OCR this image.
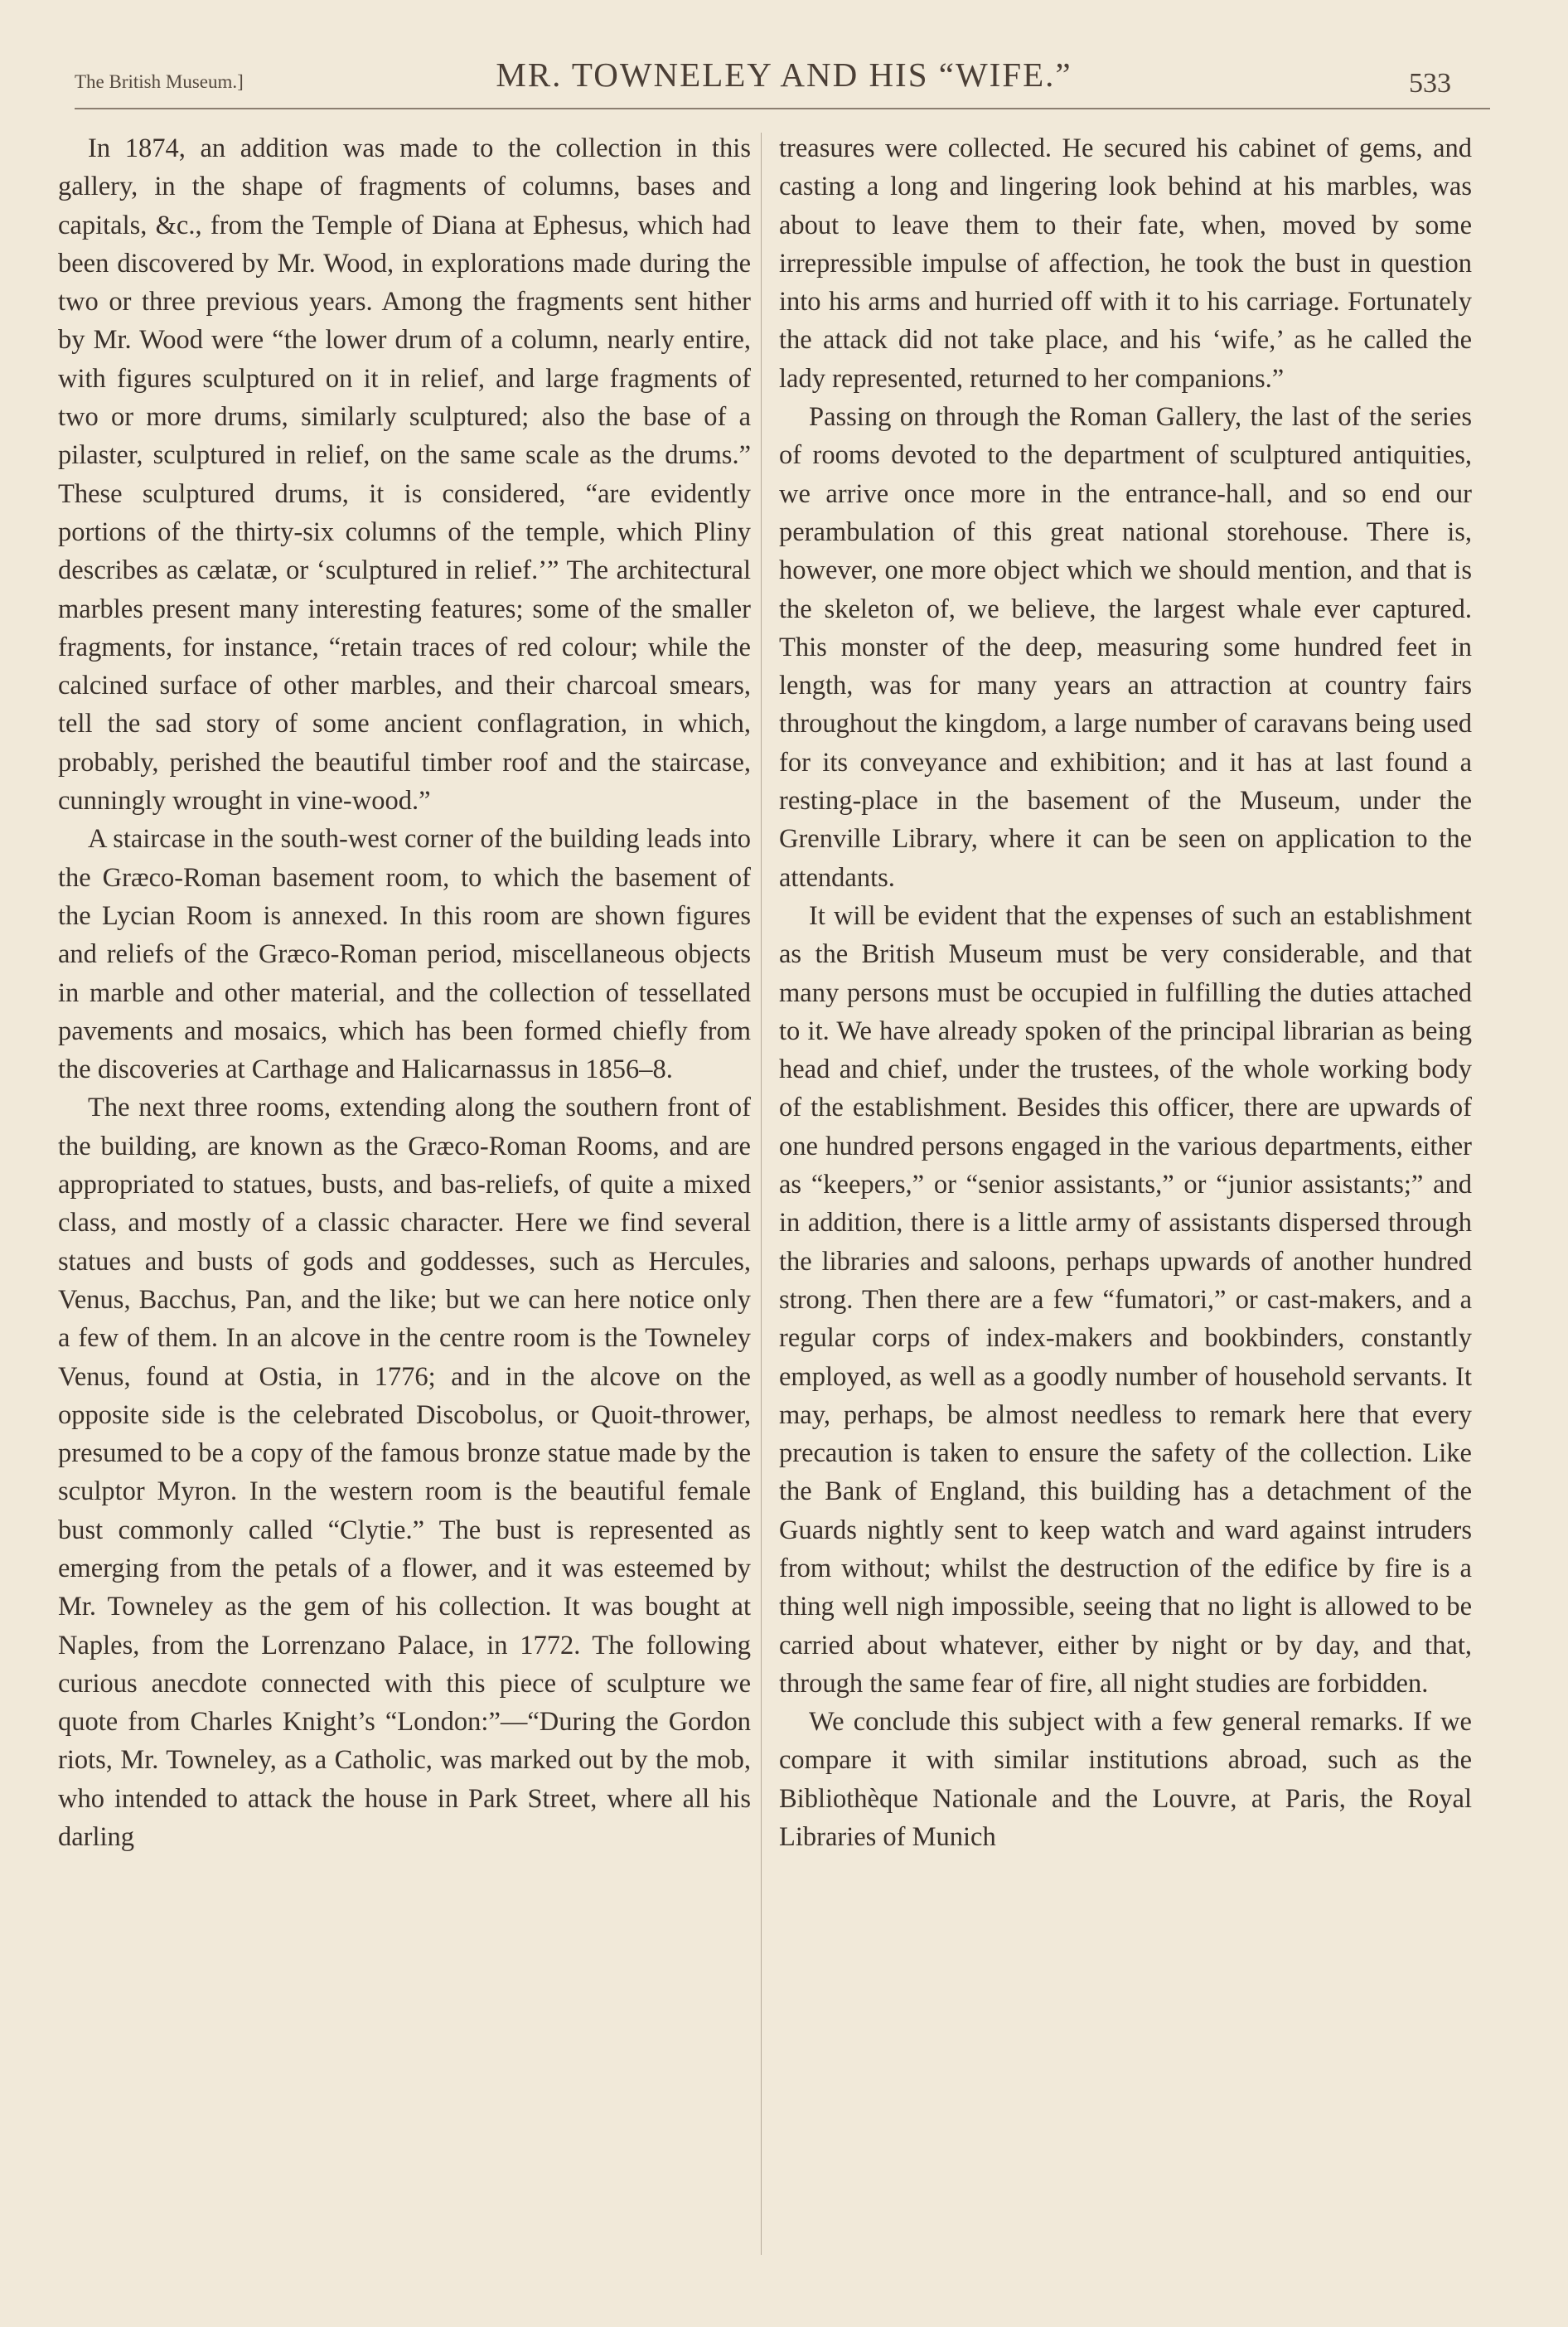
The British Museum.]	MR. TOWNELEY AND HIS “WIFE.”	533

In 1874, an addition was made to the collection in this gallery, in the shape of fragments of columns, bases and capitals, &c., from the Temple of Diana at Ephesus, which had been discovered by Mr. Wood, in explorations made during the two or three previous years. Among the fragments sent hither by Mr. Wood were “the lower drum of a column, nearly entire, with figures sculptured on it in relief, and large fragments of two or more drums, similarly sculptured; also the base of a pilaster, sculptured in relief, on the same scale as the drums.” These sculptured drums, it is considered, “are evidently portions of the thirty-six columns of the temple, which Pliny describes as cælatæ, or ‘sculptured in relief.’” The architectural marbles present many interesting features; some of the smaller fragments, for instance, “retain traces of red colour; while the calcined surface of other marbles, and their charcoal smears, tell the sad story of some ancient conflagration, in which, probably, perished the beautiful timber roof and the staircase, cunningly wrought in vine-wood.”

A staircase in the south-west corner of the building leads into the Græco-Roman basement room, to which the basement of the Lycian Room is annexed. In this room are shown figures and reliefs of the Græco-Roman period, miscellaneous objects in marble and other material, and the collection of tessellated pavements and mosaics, which has been formed chiefly from the discoveries at Carthage and Halicarnassus in 1856–8.

The next three rooms, extending along the southern front of the building, are known as the Græco-Roman Rooms, and are appropriated to statues, busts, and bas-reliefs, of quite a mixed class, and mostly of a classic character. Here we find several statues and busts of gods and goddesses, such as Hercules, Venus, Bacchus, Pan, and the like; but we can here notice only a few of them. In an alcove in the centre room is the Towneley Venus, found at Ostia, in 1776; and in the alcove on the opposite side is the celebrated Discobolus, or Quoit-thrower, presumed to be a copy of the famous bronze statue made by the sculptor Myron. In the western room is the beautiful female bust commonly called “Clytie.” The bust is represented as emerging from the petals of a flower, and it was esteemed by Mr. Towneley as the gem of his collection. It was bought at Naples, from the Lorrenzano Palace, in 1772. The following curious anecdote connected with this piece of sculpture we quote from Charles Knight’s “London:”—“During the Gordon riots, Mr. Towneley, as a Catholic, was marked out by the mob, who intended to attack the house in Park Street, where all his darling

treasures were collected. He secured his cabinet of gems, and casting a long and lingering look behind at his marbles, was about to leave them to their fate, when, moved by some irrepressible impulse of affection, he took the bust in question into his arms and hurried off with it to his carriage. Fortunately the attack did not take place, and his ‘wife,’ as he called the lady represented, returned to her companions.”

Passing on through the Roman Gallery, the last of the series of rooms devoted to the department of sculptured antiquities, we arrive once more in the entrance-hall, and so end our perambulation of this great national storehouse. There is, however, one more object which we should mention, and that is the skeleton of, we believe, the largest whale ever captured. This monster of the deep, measuring some hundred feet in length, was for many years an attraction at country fairs throughout the kingdom, a large number of caravans being used for its conveyance and exhibition; and it has at last found a resting-place in the basement of the Museum, under the Grenville Library, where it can be seen on application to the attendants.

It will be evident that the expenses of such an establishment as the British Museum must be very considerable, and that many persons must be occupied in fulfilling the duties attached to it. We have already spoken of the principal librarian as being head and chief, under the trustees, of the whole working body of the establishment. Besides this officer, there are upwards of one hundred persons engaged in the various departments, either as “keepers,” or “senior assistants,” or “junior assistants;” and in addition, there is a little army of assistants dispersed through the libraries and saloons, perhaps upwards of another hundred strong. Then there are a few “fumatori,” or cast-makers, and a regular corps of index-makers and bookbinders, constantly employed, as well as a goodly number of household servants. It may, perhaps, be almost needless to remark here that every precaution is taken to ensure the safety of the collection. Like the Bank of England, this building has a detachment of the Guards nightly sent to keep watch and ward against intruders from without; whilst the destruction of the edifice by fire is a thing well nigh impossible, seeing that no light is allowed to be carried about whatever, either by night or by day, and that, through the same fear of fire, all night studies are forbidden.

We conclude this subject with a few general remarks. If we compare it with similar institutions abroad, such as the Bibliothèque Nationale and the Louvre, at Paris, the Royal Libraries of Munich
